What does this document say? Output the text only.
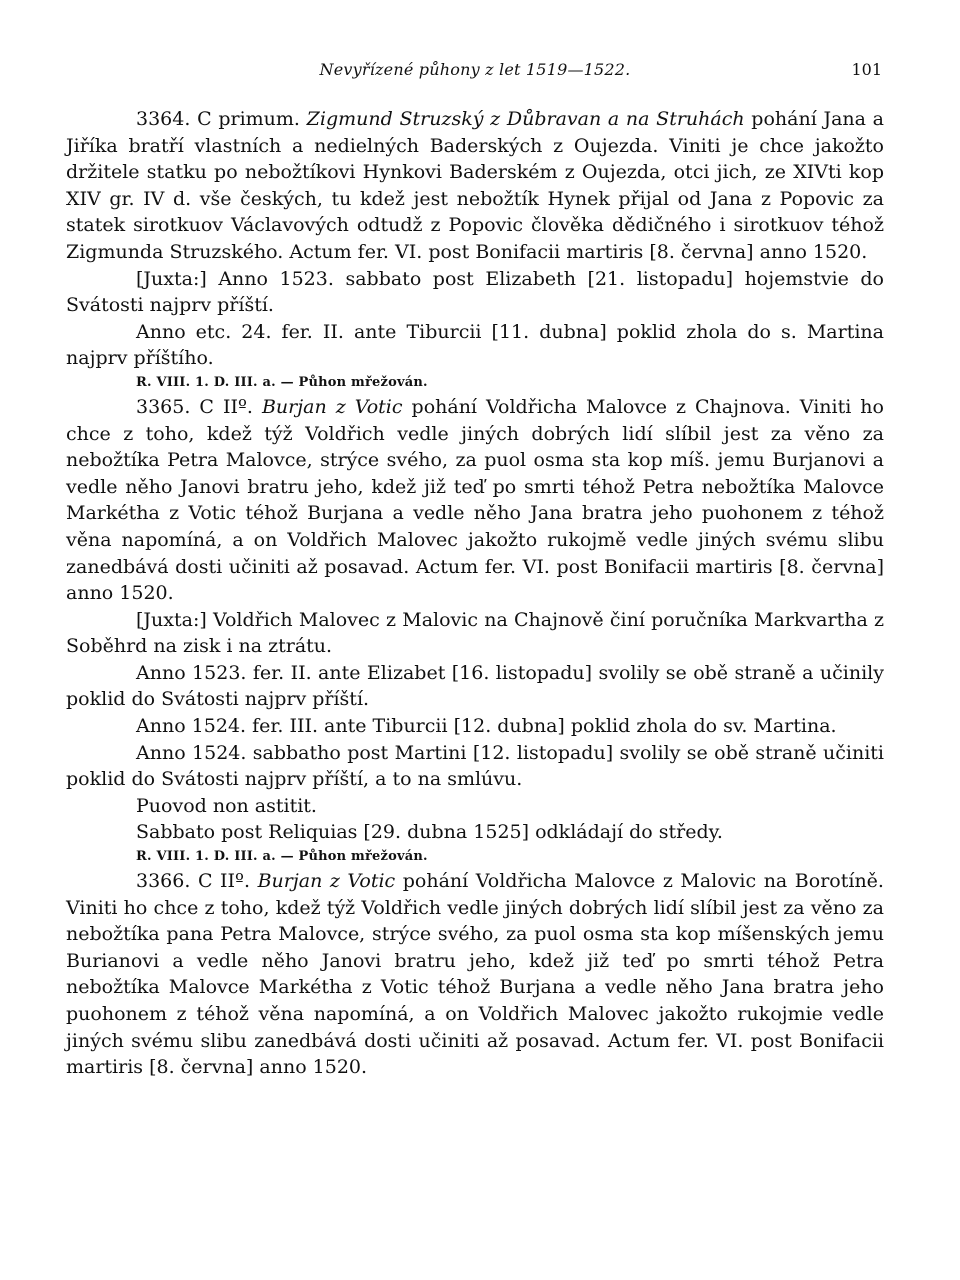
Nevyřízené půhony z let 1519—1522.	101

3364. C primum. Zigmund Struzský z Důbravan a na Struhách pohání Jana a Jiříka bratří vlastních a nedielných Baderských z Oujezda. Viniti je chce jakožto držitele statku po nebožtíkovi Hynkovi Baderském z Oujezda, otci jich, ze XIVti kop XIV gr. IV d. vše českých, tu kdež jest nebožtík Hynek přijal od Jana z Popovic za statek sirotkuov Václavových odtudž z Popovic člověka dědičného i sirotkuov téhož Zigmunda Struzského. Actum fer. VI. post Bonifacii martiris [8. června] anno 1520.

[Juxta:] Anno 1523. sabbato post Elizabeth [21. listopadu] hojemstvie do Svátosti najprv příští.

Anno etc. 24. fer. II. ante Tiburcii [11. dubna] poklid zhola do s. Martina najprv příštího.

R. VIII. 1. D. III. a. — Půhon mřežován.

3365. C IIº. Burjan z Votic pohání Voldřicha Malovce z Chajnova. Viniti ho chce z toho, kdež týž Voldřich vedle jiných dobrých lidí slíbil jest za věno za nebožtíka Petra Malovce, strýce svého, za puol osma sta kop míš. jemu Burjanovi a vedle něho Janovi bratru jeho, kdež již teď po smrti téhož Petra nebožtíka Malovce Markétha z Votic téhož Burjana a vedle něho Jana bratra jeho puohonem z téhož věna napomíná, a on Voldřich Malovec jakožto rukojmě vedle jiných svému slibu zanedbává dosti učiniti až posavad. Actum fer. VI. post Bonifacii martiris [8. června] anno 1520.

[Juxta:] Voldřich Malovec z Malovic na Chajnově činí poručníka Markvartha z Soběhrd na zisk i na ztrátu.

Anno 1523. fer. II. ante Elizabet [16. listopadu] svolily se obě straně a učinily poklid do Svátosti najprv příští.

Anno 1524. fer. III. ante Tiburcii [12. dubna] poklid zhola do sv. Martina.

Anno 1524. sabbatho post Martini [12. listopadu] svolily se obě straně učiniti poklid do Svátosti najprv příští, a to na smlúvu.

Puovod non astitit.

Sabbato post Reliquias [29. dubna 1525] odkládají do středy.

R. VIII. 1. D. III. a. — Půhon mřežován.

3366. C IIº. Burjan z Votic pohání Voldřicha Malovce z Malovic na Borotíně. Viniti ho chce z toho, kdež týž Voldřich vedle jiných dobrých lidí slíbil jest za věno za nebožtíka pana Petra Malovce, strýce svého, za puol osma sta kop míšenských jemu Burianovi a vedle něho Janovi bratru jeho, kdež již teď po smrti téhož Petra nebožtíka Malovce Markétha z Votic téhož Burjana a vedle něho Jana bratra jeho puohonem z téhož věna napomíná, a on Voldřich Malovec jakožto rukojmie vedle jiných svému slibu zanedbává dosti učiniti až posavad. Actum fer. VI. post Bonifacii martiris [8. června] anno 1520.
